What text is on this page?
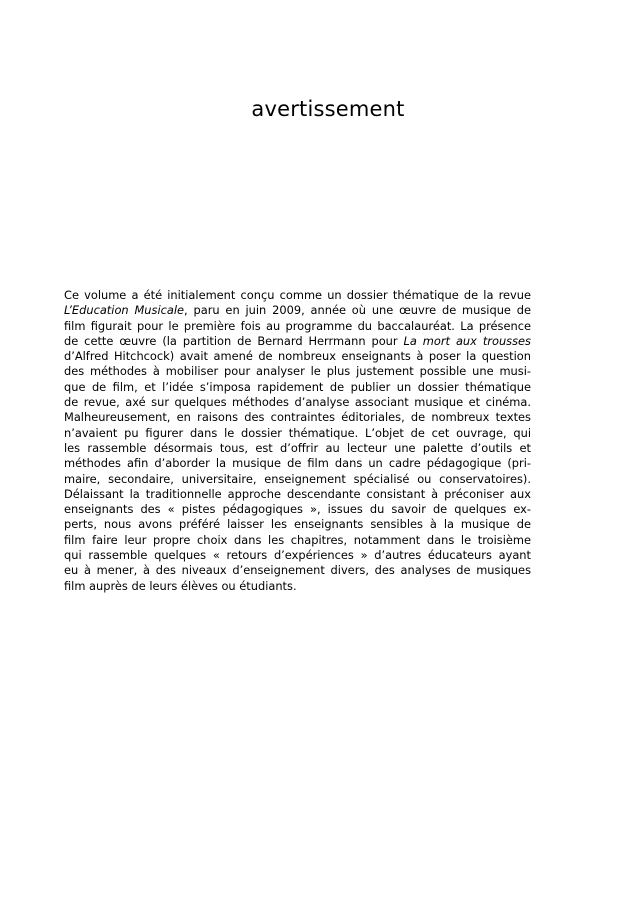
avertissement
Ce volume a été initialement conçu comme un dossier thématique de la revue
L’Education Musicale, paru en juin 2009, année où une œuvre de musique de
film figurait pour le première fois au programme du baccalauréat. La présence
de cette œuvre (la partition de Bernard Herrmann pour La mort aux trousses
d’Alfred Hitchcock) avait amené de nombreux enseignants à poser la question
des méthodes à mobiliser pour analyser le plus justement possible une musi-
que de film, et l’idée s’imposa rapidement de publier un dossier thématique
de revue, axé sur quelques méthodes d’analyse associant musique et cinéma.
Malheureusement, en raisons des contraintes éditoriales, de nombreux textes
n’avaient pu figurer dans le dossier thématique. L’objet de cet ouvrage, qui
les rassemble désormais tous, est d’offrir au lecteur une palette d’outils et
méthodes afin d’aborder la musique de film dans un cadre pédagogique (pri-
maire, secondaire, universitaire, enseignement spécialisé ou conservatoires).
Délaissant la traditionnelle approche descendante consistant à préconiser aux
enseignants des « pistes pédagogiques », issues du savoir de quelques ex-
perts, nous avons préféré laisser les enseignants sensibles à la musique de
film faire leur propre choix dans les chapitres, notamment dans le troisième
qui rassemble quelques « retours d’expériences » d’autres éducateurs ayant
eu à mener, à des niveaux d’enseignement divers, des analyses de musiques
film auprès de leurs élèves ou étudiants.
